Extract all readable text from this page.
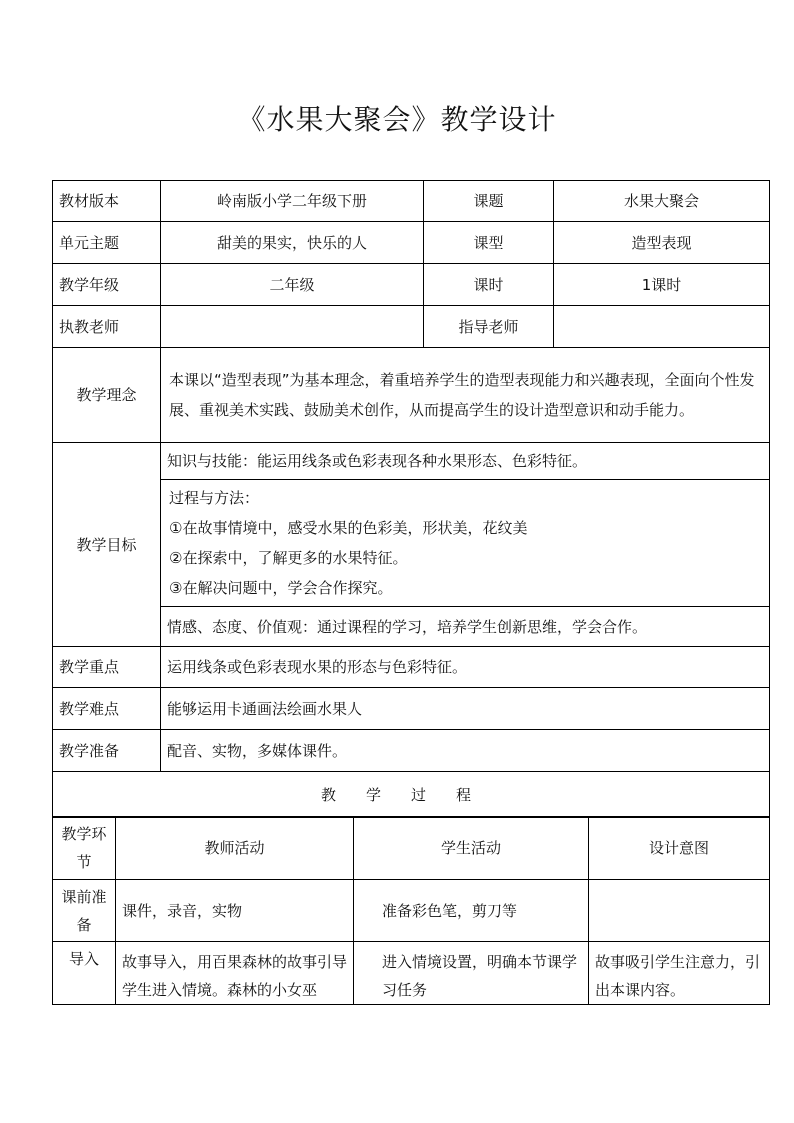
《水果大聚会》教学设计
教材版本	岭南版小学二年级下册	课题	水果大聚会
单元主题	甜美的果实，快乐的人	课型	造型表现
教学年级	二年级	课时	1课时
执教老师		指导老师	
教学理念	本课以“造型表现”为基本理念，着重培养学生的造型表现能力和兴趣表现，全面向个性发展、重视美术实践、鼓励美术创作，从而提高学生的设计造型意识和动手能力。		
教学目标	知识与技能：能运用线条或色彩表现各种水果形态、色彩特征。		

	过程与方法：

①在故事情境中，感受水果的色彩美，形状美，花纹美

②在探索中，了解更多的水果特征。

③在解决问题中，学会合作探究。		

	情感、态度、价值观：通过课程的学习，培养学生创新思维，学会合作。		
教学重点	运用线条或色彩表现水果的形态与色彩特征。		
教学难点	能够运用卡通画法绘画水果人		
教学准备	配音、实物，多媒体课件。		
教学过程			
教学环节	教师活动	学生活动	设计意图
课前准备	课件，录音，实物	准备彩色笔，剪刀等	
导入	故事导入，用百果森林的故事引导学生进入情境。森林的小女巫	进入情境设置，明确本节课学习任务	故事吸引学生注意力，引出本课内容。
